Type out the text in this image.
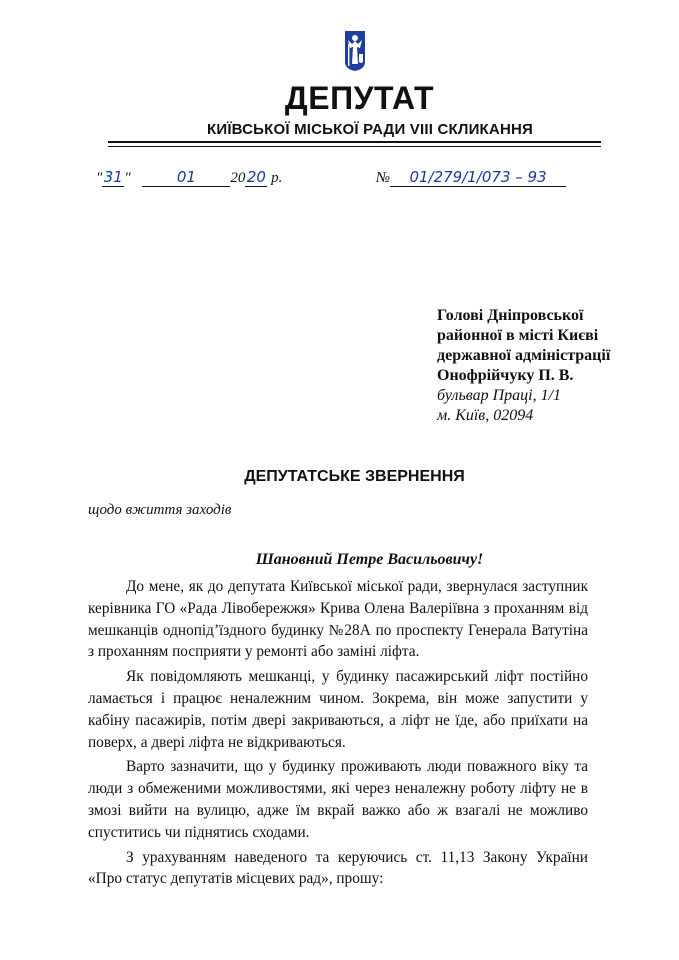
ДЕПУТАТ
КИЇВСЬКОЇ МІСЬКОЇ РАДИ VIII СКЛИКАННЯ
"31"	01 2020 р.	№ 01/279/1/073 – 93
Голові Дніпровської
районної в місті Києві
державної адміністрації
Онофрійчуку П. В.
бульвар Праці, 1/1
м. Київ, 02094
ДЕПУТАТСЬКЕ ЗВЕРНЕННЯ
щодо вжиття заходів
Шановний Петре Васильовичу!

До мене, як до депутата Київської міської ради, звернулася заступник керівника ГО «Рада Лівобережжя» Крива Олена Валеріївна з проханням від мешканців однопід’їздного будинку №28А по проспекту Генерала Ватутіна з проханням посприяти у ремонті або заміні ліфта.

Як повідомляють мешканці, у будинку пасажирський ліфт постійно ламається і працює неналежним чином. Зокрема, він може запустити у кабіну пасажирів, потім двері закриваються, а ліфт не їде, або приїхати на поверх, а двері ліфта не відкриваються.

Варто зазначити, що у будинку проживають люди поважного віку та люди з обмеженими можливостями, які через неналежну роботу ліфту не в змозі вийти на вулицю, адже їм вкрай важко або ж взагалі не можливо спуститись чи піднятись сходами.

З урахуванням наведеного та керуючись ст. 11,13 Закону України «Про статус депутатів місцевих рад», прошу:
